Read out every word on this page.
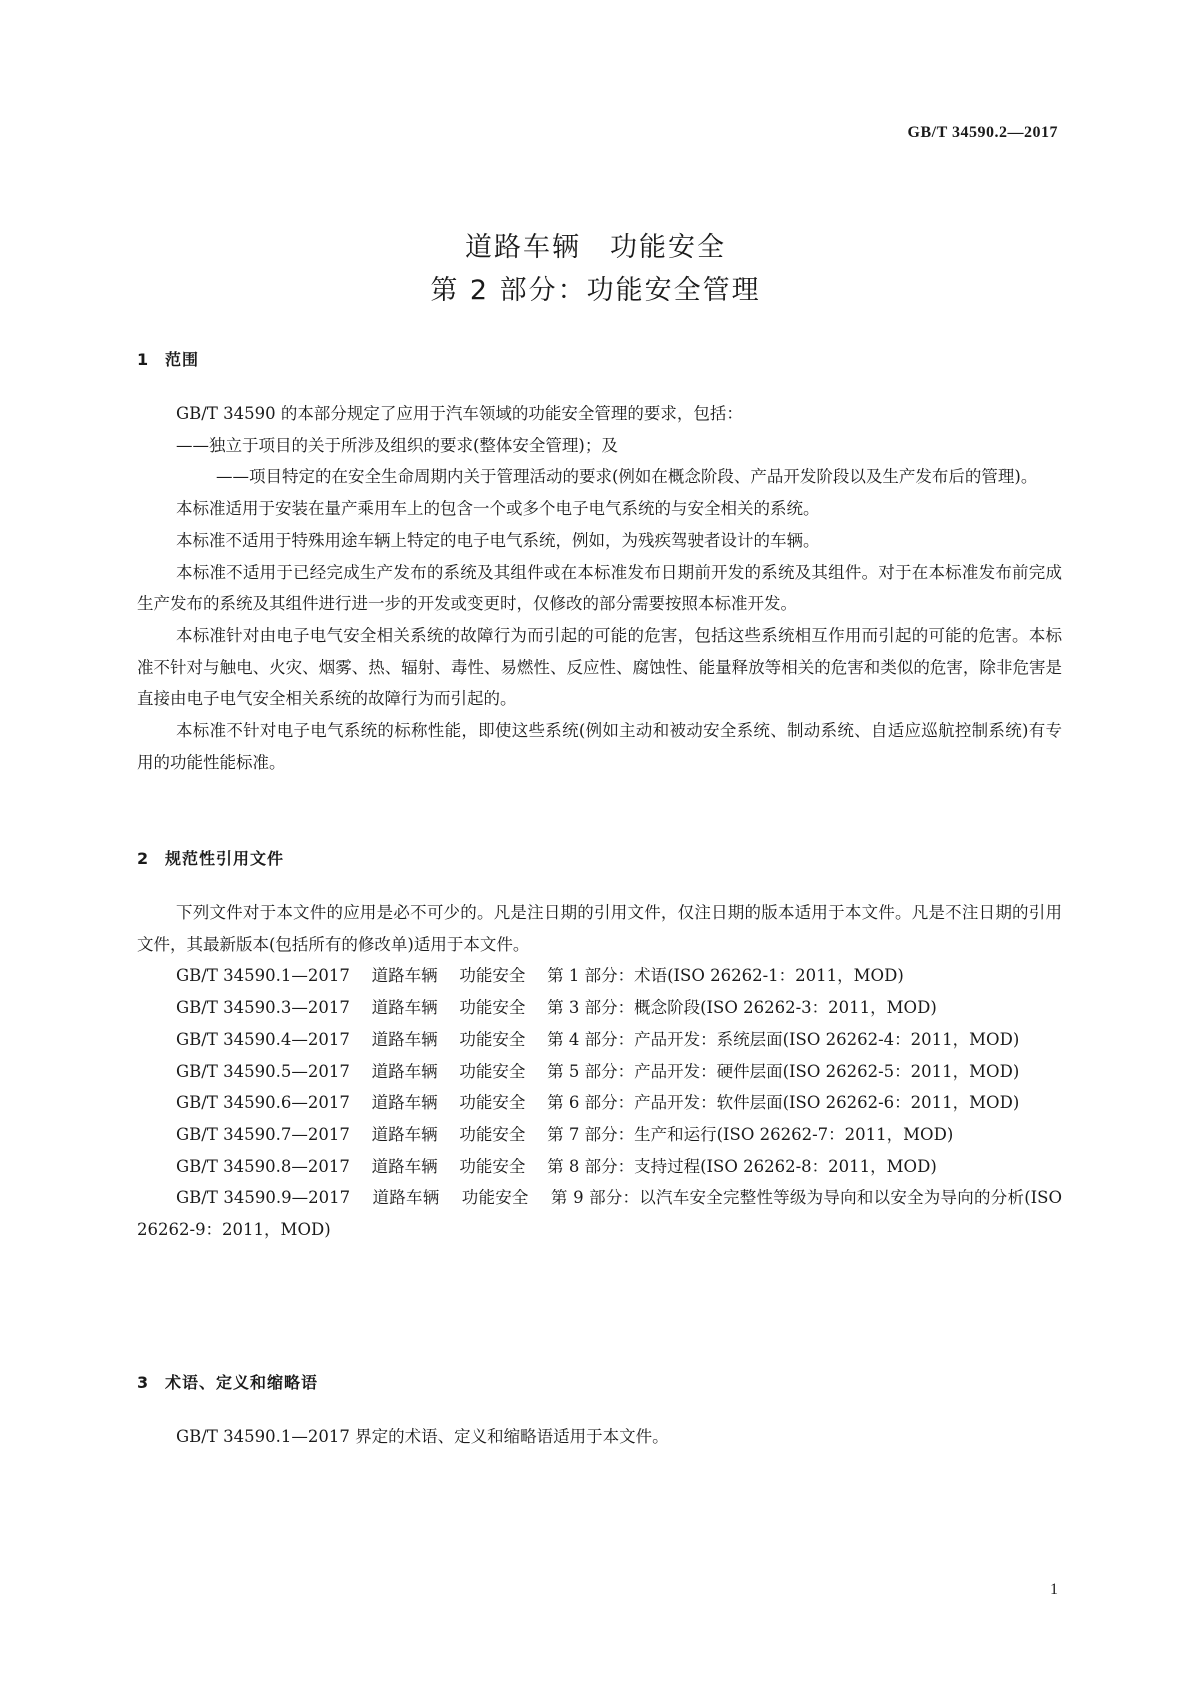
GB/T 34590.2—2017
道路车辆　功能安全
第 2 部分：功能安全管理
1 范围

GB/T 34590 的本部分规定了应用于汽车领域的功能安全管理的要求，包括：

——独立于项目的关于所涉及组织的要求(整体安全管理)；及

——项目特定的在安全生命周期内关于管理活动的要求(例如在概念阶段、产品开发阶段以及生产发布后的管理)。

本标准适用于安装在量产乘用车上的包含一个或多个电子电气系统的与安全相关的系统。

本标准不适用于特殊用途车辆上特定的电子电气系统，例如，为残疾驾驶者设计的车辆。

本标准不适用于已经完成生产发布的系统及其组件或在本标准发布日期前开发的系统及其组件。对于在本标准发布前完成生产发布的系统及其组件进行进一步的开发或变更时，仅修改的部分需要按照本标准开发。

本标准针对由电子电气安全相关系统的故障行为而引起的可能的危害，包括这些系统相互作用而引起的可能的危害。本标准不针对与触电、火灾、烟雾、热、辐射、毒性、易燃性、反应性、腐蚀性、能量释放等相关的危害和类似的危害，除非危害是直接由电子电气安全相关系统的故障行为而引起的。

本标准不针对电子电气系统的标称性能，即使这些系统(例如主动和被动安全系统、制动系统、自适应巡航控制系统)有专用的功能性能标准。

2 规范性引用文件

下列文件对于本文件的应用是必不可少的。凡是注日期的引用文件，仅注日期的版本适用于本文件。凡是不注日期的引用文件，其最新版本(包括所有的修改单)适用于本文件。

GB/T 34590.1—2017　 道路车辆　 功能安全　 第 1 部分：术语(ISO 26262-1：2011，MOD)

GB/T 34590.3—2017　 道路车辆　 功能安全　 第 3 部分：概念阶段(ISO 26262-3：2011，MOD)

GB/T 34590.4—2017　 道路车辆　 功能安全　 第 4 部分：产品开发：系统层面(ISO 26262-4：2011，MOD)

GB/T 34590.5—2017　 道路车辆　 功能安全　 第 5 部分：产品开发：硬件层面(ISO 26262-5：2011，MOD)

GB/T 34590.6—2017　 道路车辆　 功能安全　 第 6 部分：产品开发：软件层面(ISO 26262-6：2011，MOD)

GB/T 34590.7—2017　 道路车辆　 功能安全　 第 7 部分：生产和运行(ISO 26262-7：2011，MOD)

GB/T 34590.8—2017　 道路车辆　 功能安全　 第 8 部分：支持过程(ISO 26262-8：2011，MOD)

GB/T 34590.9—2017　 道路车辆　 功能安全　 第 9 部分：以汽车安全完整性等级为导向和以安全为导向的分析(ISO 26262-9：2011，MOD)

3 术语、定义和缩略语

GB/T 34590.1—2017 界定的术语、定义和缩略语适用于本文件。

1
